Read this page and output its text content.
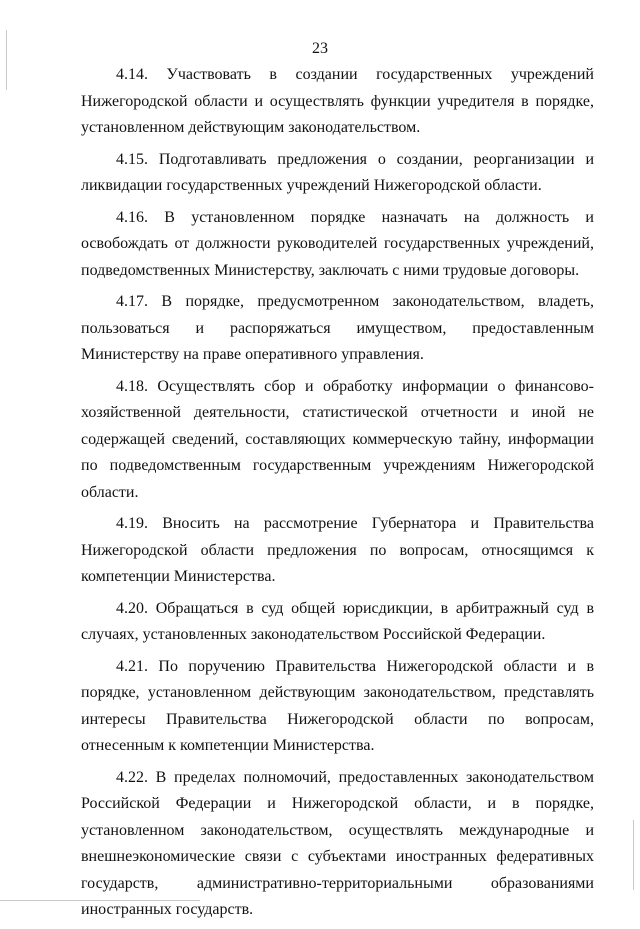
23

4.14. Участвовать в создании государственных учреждений Нижегородской области и осуществлять функции учредителя в порядке, установленном действующим законодательством.

4.15. Подготавливать предложения о создании, реорганизации и ликвидации государственных учреждений Нижегородской области.

4.16. В установленном порядке назначать на должность и освобождать от должности руководителей государственных учреждений, подведомственных Министерству, заключать с ними трудовые договоры.

4.17. В порядке, предусмотренном законодательством, владеть, пользоваться и распоряжаться имуществом, предоставленным Министерству на праве оперативного управления.

4.18. Осуществлять сбор и обработку информации о финансово-хозяйственной деятельности, статистической отчетности и иной не содержащей сведений, составляющих коммерческую тайну, информации по подведомственным государственным учреждениям Нижегородской области.

4.19. Вносить на рассмотрение Губернатора и Правительства Нижегородской области предложения по вопросам, относящимся к компетенции Министерства.

4.20. Обращаться в суд общей юрисдикции, в арбитражный суд в случаях, установленных законодательством Российской Федерации.

4.21. По поручению Правительства Нижегородской области и в порядке, установленном действующим законодательством, представлять интересы Правительства Нижегородской области по вопросам, отнесенным к компетенции Министерства.

4.22. В пределах полномочий, предоставленных законодательством Российской Федерации и Нижегородской области, и в порядке, установленном законодательством, осуществлять международные и внешнеэкономические связи с субъектами иностранных федеративных государств, административно-территориальными образованиями иностранных государств.
